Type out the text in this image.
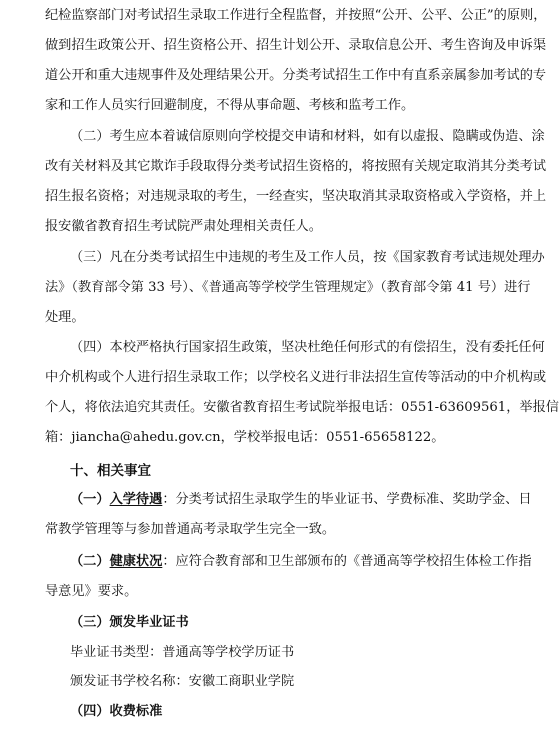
纪检监察部门对考试招生录取工作进行全程监督，并按照“公开、公平、公正”的原则，
做到招生政策公开、招生资格公开、招生计划公开、录取信息公开、考生咨询及申诉渠
道公开和重大违规事件及处理结果公开。分类考试招生工作中有直系亲属参加考试的专
家和工作人员实行回避制度，不得从事命题、考核和监考工作。
（二）考生应本着诚信原则向学校提交申请和材料，如有以虚报、隐瞒或伪造、涂
改有关材料及其它欺诈手段取得分类考试招生资格的，将按照有关规定取消其分类考试
招生报名资格；对违规录取的考生，一经查实，坚决取消其录取资格或入学资格，并上
报安徽省教育招生考试院严肃处理相关责任人。
（三）凡在分类考试招生中违规的考生及工作人员，按《国家教育考试违规处理办
法》（教育部令第 33 号）、《普通高等学校学生管理规定》（教育部令第 41 号）进行
处理。
（四）本校严格执行国家招生政策，坚决杜绝任何形式的有偿招生，没有委托任何
中介机构或个人进行招生录取工作；以学校名义进行非法招生宣传等活动的中介机构或
个人，将依法追究其责任。安徽省教育招生考试院举报电话：0551-63609561，举报信
箱：jiancha@ahedu.gov.cn，学校举报电话：0551-65658122。
十、相关事宜
（一）入学待遇：分类考试招生录取学生的毕业证书、学费标准、奖助学金、日
常教学管理等与参加普通高考录取学生完全一致。
（二）健康状况：应符合教育部和卫生部颁布的《普通高等学校招生体检工作指
导意见》要求。
（三）颁发毕业证书
毕业证书类型：普通高等学校学历证书
颁发证书学校名称：安徽工商职业学院
（四）收费标准
